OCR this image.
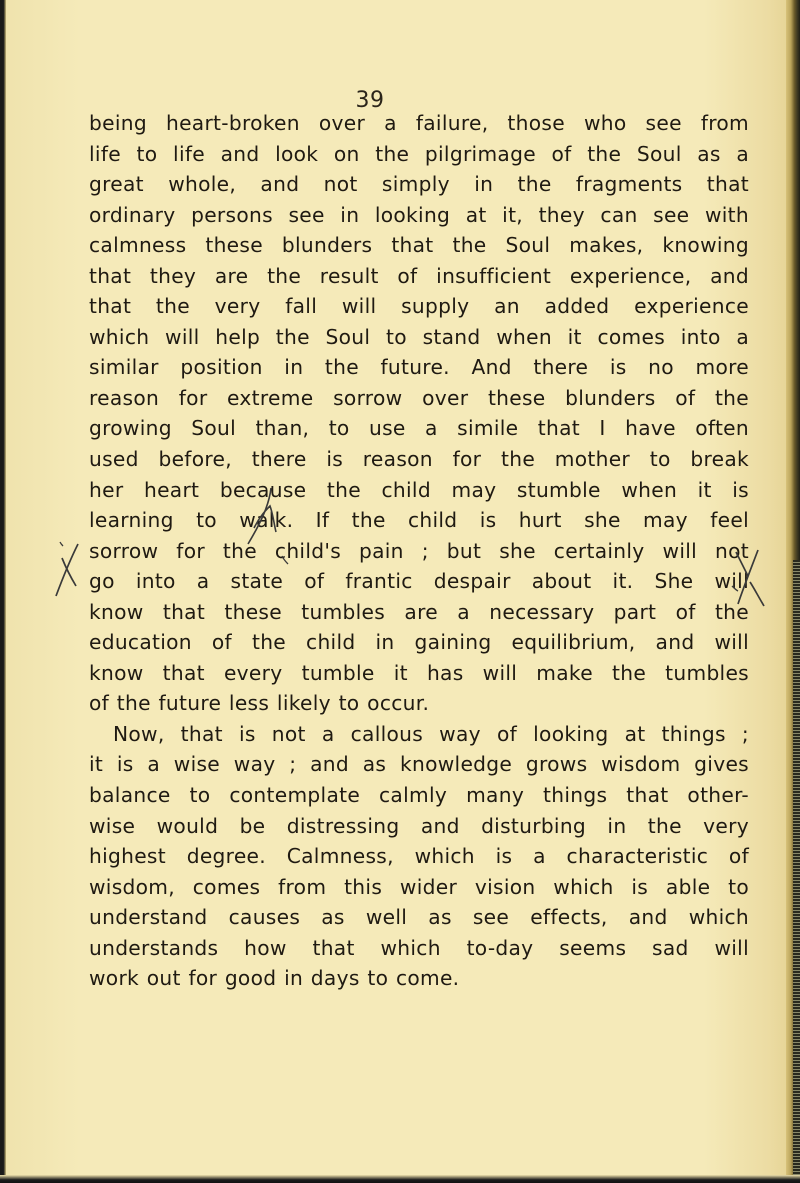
39
being heart-broken over a failure, those who see from
life to life and look on the pilgrimage of the Soul as a
great whole, and not simply in the fragments that
ordinary persons see in looking at it, they can see with
calmness these blunders that the Soul makes, knowing
that they are the result of insufficient experience, and
that the very fall will supply an added experience
which will help the Soul to stand when it comes into a
similar position in the future. And there is no more
reason for extreme sorrow over these blunders of the
growing Soul than, to use a simile that I have often
used before, there is reason for the mother to break
her heart because the child may stumble when it is
learning to walk. If the child is hurt she may feel
sorrow for the child's pain ; but she certainly will not
go into a state of frantic despair about it. She will
know that these tumbles are a necessary part of the
education of the child in gaining equilibrium, and will
know that every tumble it has will make the tumbles
of the future less likely to occur.
Now, that is not a callous way of looking at things ;
it is a wise way ; and as knowledge grows wisdom gives
balance to contemplate calmly many things that other-
wise would be distressing and disturbing in the very
highest degree. Calmness, which is a characteristic of
wisdom, comes from this wider vision which is able to
understand causes as well as see effects, and which
understands how that which to-day seems sad will
work out for good in days to come.
